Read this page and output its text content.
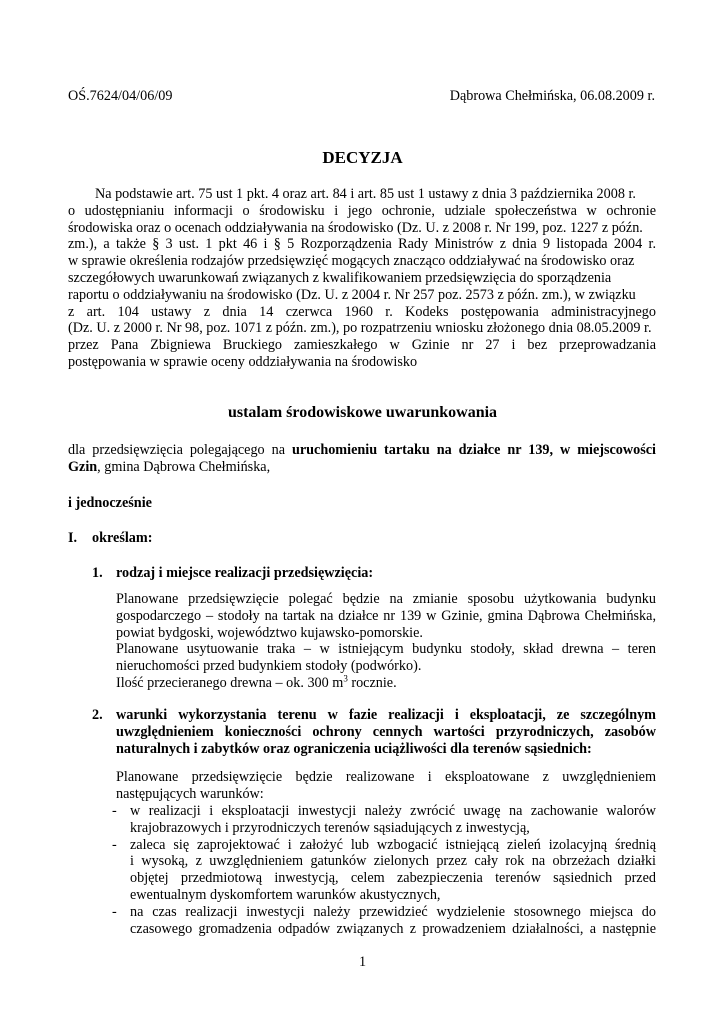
OŚ.7624/04/06/09	Dąbrowa Chełmińska, 06.08.2009 r.
DECYZJA
Na podstawie art. 75 ust 1 pkt. 4 oraz art. 84 i art. 85 ust 1 ustawy z dnia 3 października 2008 r.
o udostępnianiu informacji o środowisku i jego ochronie, udziale społeczeństwa w ochronie
środowiska oraz o ocenach oddziaływania na środowisko (Dz. U. z 2008 r. Nr 199, poz. 1227 z późn.
zm.), a także § 3 ust. 1 pkt 46 i § 5 Rozporządzenia Rady Ministrów z dnia 9 listopada 2004 r.
w sprawie określenia rodzajów przedsięwzięć mogących znacząco oddziaływać na środowisko oraz
szczegółowych uwarunkowań związanych z kwalifikowaniem przedsięwzięcia do sporządzenia
raportu o oddziaływaniu na środowisko (Dz. U. z 2004 r. Nr 257 poz. 2573 z późn. zm.), w związku
z art. 104 ustawy z dnia 14 czerwca 1960 r. Kodeks postępowania administracyjnego
(Dz. U. z 2000 r. Nr 98, poz. 1071 z późn. zm.), po rozpatrzeniu wniosku złożonego dnia 08.05.2009 r.
przez Pana Zbigniewa Bruckiego zamieszkałego w Gzinie nr 27 i bez przeprowadzania
postępowania w sprawie oceny oddziaływania na środowisko
ustalam środowiskowe uwarunkowania
dla przedsięwzięcia polegającego na uruchomieniu tartaku na działce nr 139, w miejscowości
Gzin, gmina Dąbrowa Chełmińska,
i jednocześnie
I. określam:
1. rodzaj i miejsce realizacji przedsięwzięcia:
Planowane przedsięwzięcie polegać będzie na zmianie sposobu użytkowania budynku
gospodarczego – stodoły na tartak na działce nr 139 w Gzinie, gmina Dąbrowa Chełmińska,
powiat bydgoski, województwo kujawsko-pomorskie.
Planowane usytuowanie traka – w istniejącym budynku stodoły, skład drewna – teren
nieruchomości przed budynkiem stodoły (podwórko).
Ilość przecieranego drewna – ok. 300 $m^3$ rocznie.
2. warunki wykorzystania terenu w fazie realizacji i eksploatacji, ze szczególnym
uwzględnieniem konieczności ochrony cennych wartości przyrodniczych, zasobów
naturalnych i zabytków oraz ograniczenia uciążliwości dla terenów sąsiednich:
Planowane przedsięwzięcie będzie realizowane i eksploatowane z uwzględnieniem
następujących warunków:
- w realizacji i eksploatacji inwestycji należy zwrócić uwagę na zachowanie walorów
krajobrazowych i przyrodniczych terenów sąsiadujących z inwestycją,
- zaleca się zaprojektować i założyć lub wzbogacić istniejącą zieleń izolacyjną średnią
i wysoką, z uwzględnieniem gatunków zielonych przez cały rok na obrzeżach działki
objętej przedmiotową inwestycją, celem zabezpieczenia terenów sąsiednich przed
ewentualnym dyskomfortem warunków akustycznych,
- na czas realizacji inwestycji należy przewidzieć wydzielenie stosownego miejsca do
czasowego gromadzenia odpadów związanych z prowadzeniem działalności, a następnie
1
